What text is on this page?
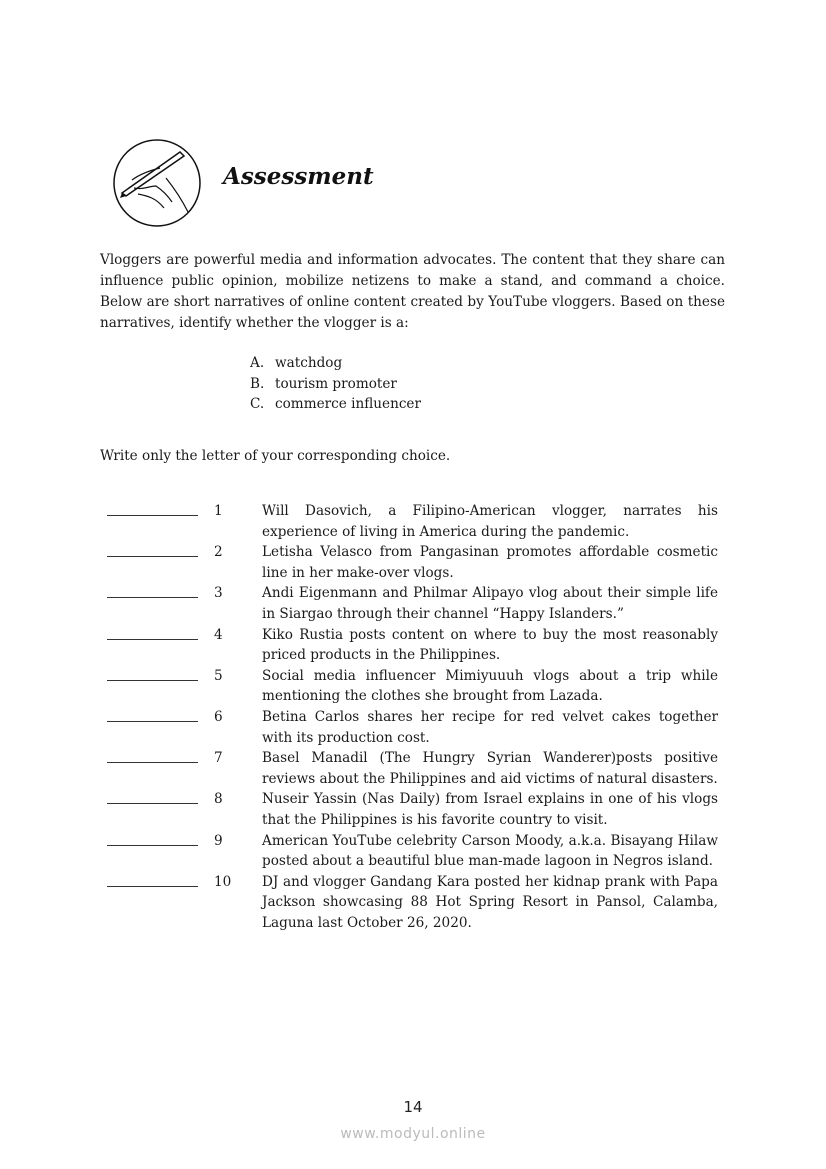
Assessment

Vloggers are powerful media and information advocates. The content that they share can influence public opinion, mobilize netizens to make a stand, and command a choice. Below are short narratives of online content created by YouTube vloggers. Based on these narratives, identify whether the vlogger is a:

A. watchdog
B. tourism promoter
C. commerce influencer

Write only the letter of your corresponding choice.

1	Will Dasovich, a Filipino-American vlogger, narrates his experience of living in America during the pandemic.
2	Letisha Velasco from Pangasinan promotes affordable cosmetic line in her make-over vlogs.
3	Andi Eigenmann and Philmar Alipayo vlog about their simple life in Siargao through their channel “Happy Islanders.”
4	Kiko Rustia posts content on where to buy the most reasonably priced products in the Philippines.
5	Social media influencer Mimiyuuuh vlogs about a trip while mentioning the clothes she brought from Lazada.
6	Betina Carlos shares her recipe for red velvet cakes together with its production cost.
7	Basel Manadil (The Hungry Syrian Wanderer)posts positive reviews about the Philippines and aid victims of natural disasters.
8	Nuseir Yassin (Nas Daily) from Israel explains in one of his vlogs that the Philippines is his favorite country to visit.
9	American YouTube celebrity Carson Moody, a.k.a. Bisayang Hilaw posted about a beautiful blue man-made lagoon in Negros island.
10	DJ and vlogger Gandang Kara posted her kidnap prank with Papa Jackson showcasing 88 Hot Spring Resort in Pansol, Calamba, Laguna last October 26, 2020.
14
www.modyul.online
